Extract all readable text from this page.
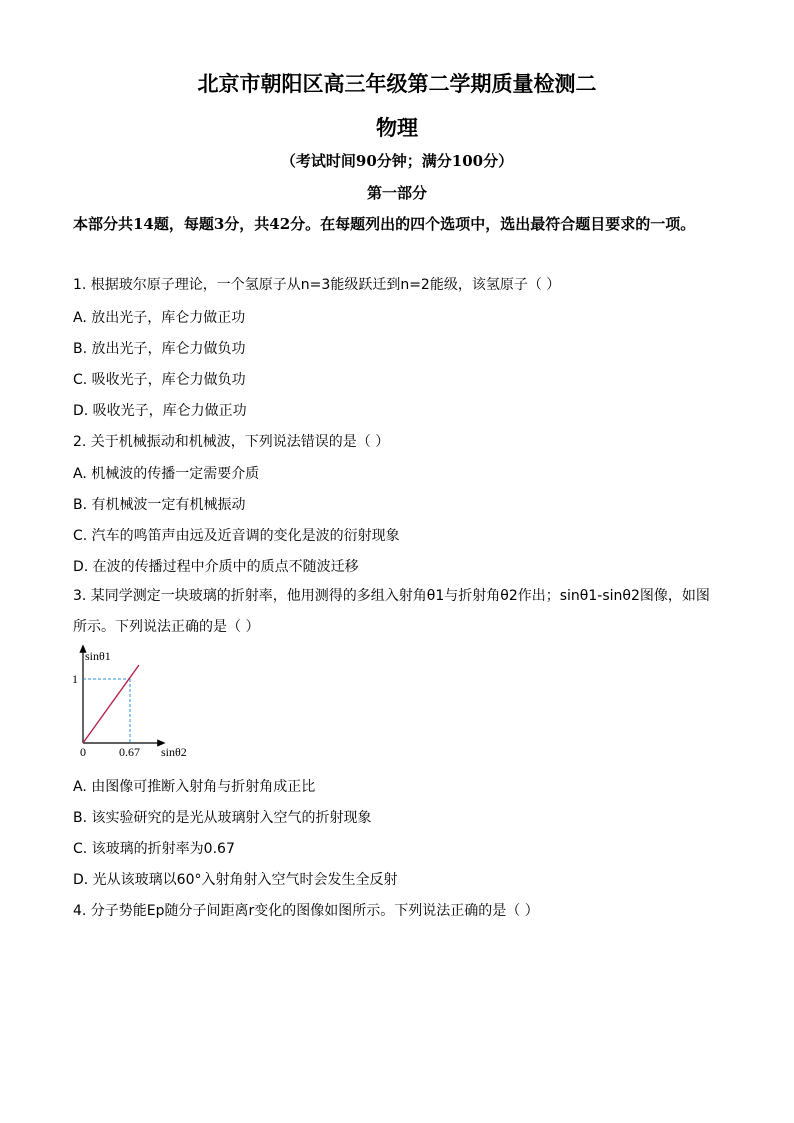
北京市朝阳区高三年级第二学期质量检测二
物理
（考试时间90分钟；满分100分）
第一部分
本部分共14题，每题3分，共42分。在每题列出的四个选项中，选出最符合题目要求的一项。
1. 根据玻尔原子理论，一个氢原子从n=3能级跃迁到n=2能级，该氢原子（ ）
A. 放出光子，库仑力做正功
B. 放出光子，库仑力做负功
C. 吸收光子，库仑力做负功
D. 吸收光子，库仑力做正功
2. 关于机械振动和机械波，下列说法错误的是（ ）
A. 机械波的传播一定需要介质
B. 有机械波一定有机械振动
C. 汽车的鸣笛声由远及近音调的变化是波的衍射现象
D. 在波的传播过程中介质中的质点不随波迁移
3. 某同学测定一块玻璃的折射率，他用测得的多组入射角θ1与折射角θ2作出；sinθ1-sinθ2图像，如图所示。下列说法正确的是（ ）
sinθ1
1
0	0.67 sinθ2
A. 由图像可推断入射角与折射角成正比
B. 该实验研究的是光从玻璃射入空气的折射现象
C. 该玻璃的折射率为0.67
D. 光从该玻璃以60°入射角射入空气时会发生全反射
4. 分子势能Ep随分子间距离r变化的图像如图所示。下列说法正确的是（ ）
